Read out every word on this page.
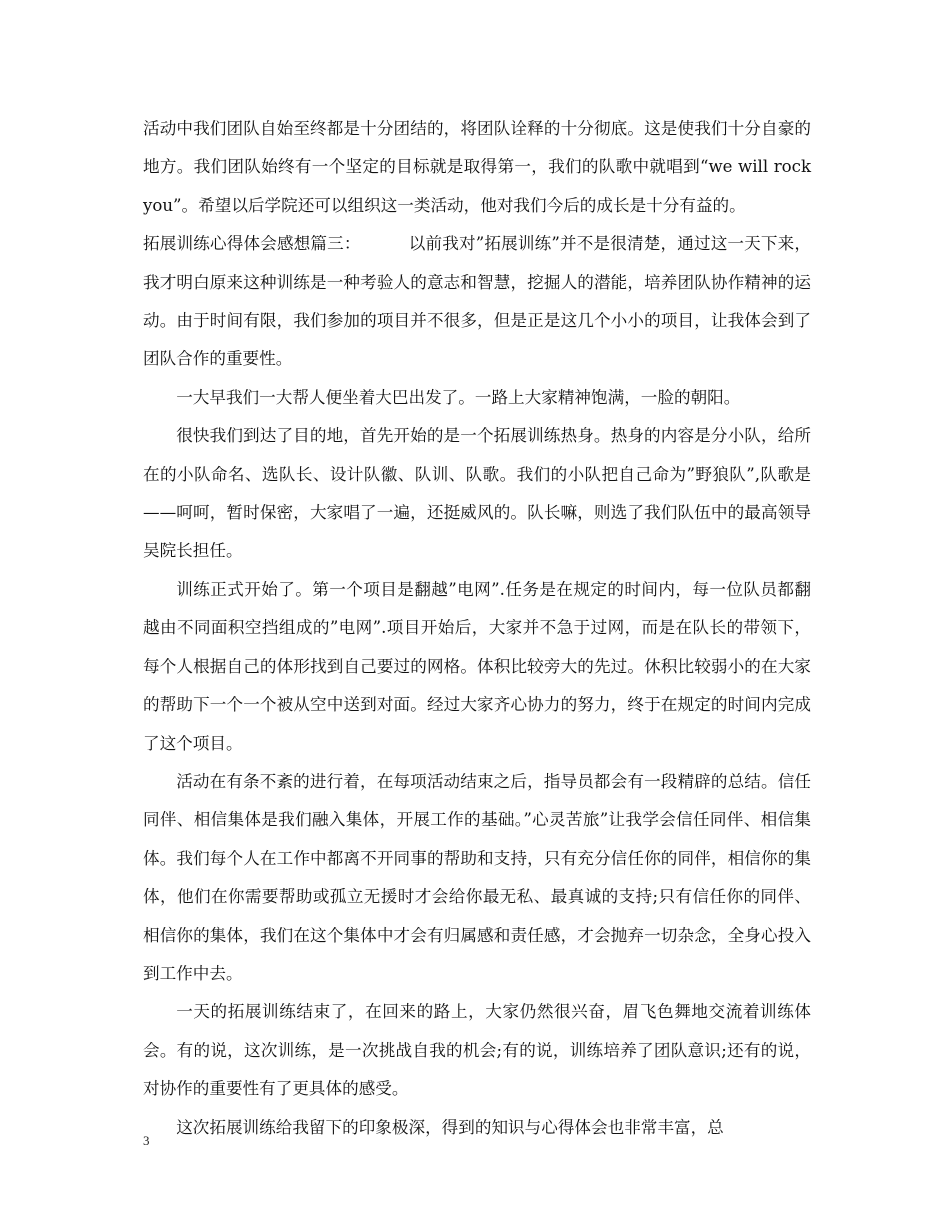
活动中我们团队自始至终都是十分团结的，将团队诠释的十分彻底。这是使我们十分自豪的地方。我们团队始终有一个坚定的目标就是取得第一，我们的队歌中就唱到“we will rock you”。希望以后学院还可以组织这一类活动，他对我们今后的成长是十分有益的。

拓展训练心得体会感想篇三：	以前我对”拓展训练”并不是很清楚，通过这一天下来，我才明白原来这种训练是一种考验人的意志和智慧，挖掘人的潜能，培养团队协作精神的运动。由于时间有限，我们参加的项目并不很多，但是正是这几个小小的项目，让我体会到了团队合作的重要性。

一大早我们一大帮人便坐着大巴出发了。一路上大家精神饱满，一脸的朝阳。

很快我们到达了目的地，首先开始的是一个拓展训练热身。热身的内容是分小队，给所在的小队命名、选队长、设计队徽、队训、队歌。我们的小队把自己命为”野狼队”,队歌是——呵呵，暂时保密，大家唱了一遍，还挺威风的。队长嘛，则选了我们队伍中的最高领导吴院长担任。

训练正式开始了。第一个项目是翻越”电网”.任务是在规定的时间内，每一位队员都翻越由不同面积空挡组成的”电网”.项目开始后，大家并不急于过网，而是在队长的带领下，每个人根据自己的体形找到自己要过的网格。体积比较旁大的先过。休积比较弱小的在大家的帮助下一个一个被从空中送到对面。经过大家齐心协力的努力，终于在规定的时间内完成了这个项目。

活动在有条不紊的进行着，在每项活动结束之后，指导员都会有一段精辟的总结。信任同伴、相信集体是我们融入集体，开展工作的基础。”心灵苦旅”让我学会信任同伴、相信集体。我们每个人在工作中都离不开同事的帮助和支持，只有充分信任你的同伴，相信你的集体，他们在你需要帮助或孤立无援时才会给你最无私、最真诚的支持;只有信任你的同伴、相信你的集体，我们在这个集体中才会有归属感和责任感，才会抛弃一切杂念，全身心投入到工作中去。

一天的拓展训练结束了，在回来的路上，大家仍然很兴奋，眉飞色舞地交流着训练体会。有的说，这次训练，是一次挑战自我的机会;有的说，训练培养了团队意识;还有的说，对协作的重要性有了更具体的感受。

这次拓展训练给我留下的印象极深，得到的知识与心得体会也非常丰富，总

3
